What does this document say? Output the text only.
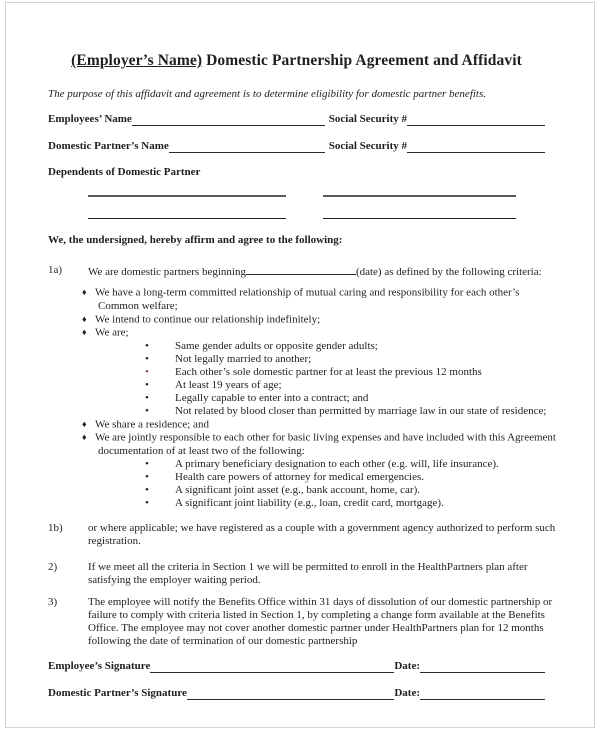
(Employer’s Name) Domestic Partnership Agreement and Affidavit

The purpose of this affidavit and agreement is to determine eligibility for domestic partner benefits.

Employees’ Name	Social Security #
Domestic Partner’s Name	Social Security #
Dependents of Domestic Partner
We, the undersigned, hereby affirm and agree to the following:
1a)	We are domestic partners beginning	(date) as defined by the following criteria:
♦ We have a long-term committed relationship of mutual caring and responsibility for each other’s
Common welfare;
♦ We intend to continue our relationship indefinitely;
♦ We are;
• Same gender adults or opposite gender adults;
• Not legally married to another;
• Each other’s sole domestic partner for at least the previous 12 months
• At least 19 years of age;
• Legally capable to enter into a contract; and
• Not related by blood closer than permitted by marriage law in our state of residence;
♦ We share a residence; and
♦ We are jointly responsible to each other for basic living expenses and have included with this Agreement
documentation of at least two of the following:
• A primary beneficiary designation to each other (e.g. will, life insurance).
• Health care powers of attorney for medical emergencies.
• A significant joint asset (e.g., bank account, home, car).
• A significant joint liability (e.g., loan, credit card, mortgage).
1b)	or where applicable; we have registered as a couple with a government agency authorized to perform such
registration.
2)	If we meet all the criteria in Section 1 we will be permitted to enroll in the HealthPartners plan after
satisfying the employer waiting period.
3)	The employee will notify the Benefits Office within 31 days of dissolution of our domestic partnership or
failure to comply with criteria listed in Section 1, by completing a change form available at the Benefits
Office. The employee may not cover another domestic partner under HealthPartners plan for 12 months
following the date of termination of our domestic partnership
Employee’s Signature	Date:
Domestic Partner’s Signature	Date:
